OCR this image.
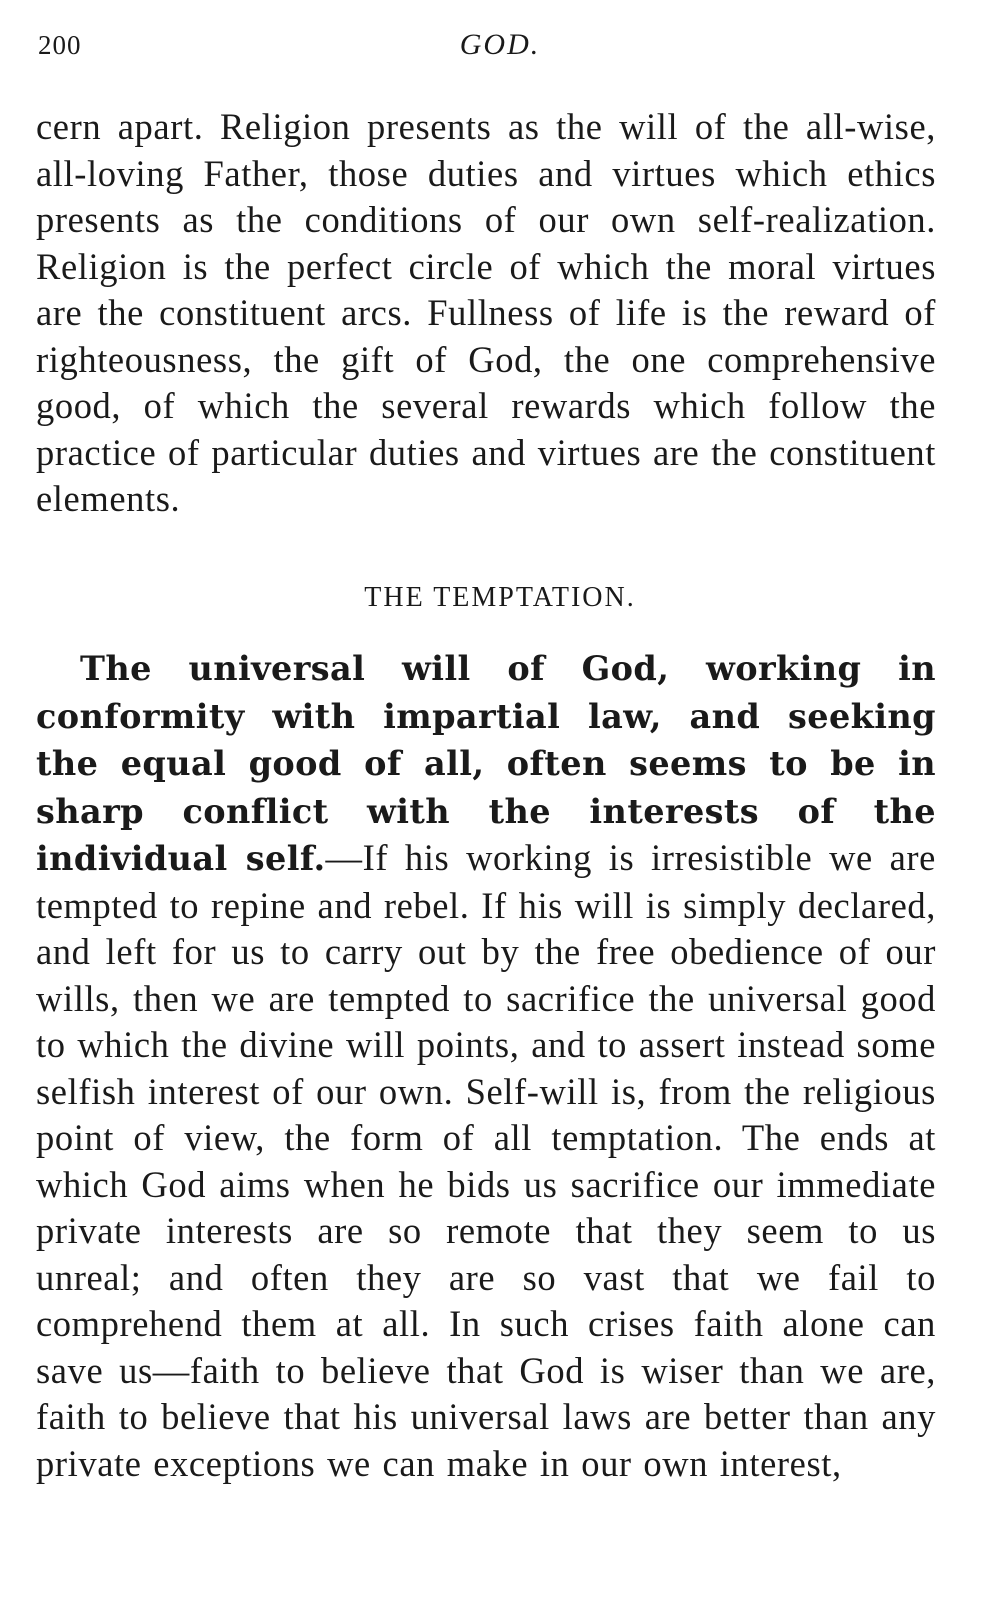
200	GOD.

cern apart. Religion presents as the will of the all-wise, all-loving Father, those duties and virtues which ethics presents as the conditions of our own self-realization. Religion is the perfect circle of which the moral virtues are the constituent arcs. Fullness of life is the reward of righteousness, the gift of God, the one comprehensive good, of which the several rewards which follow the practice of particular duties and virtues are the constituent elements.

THE TEMPTATION.

The universal will of God, working in conformity with impartial law, and seeking the equal good of all, often seems to be in sharp conflict with the interests of the individual self.—If his working is irresistible we are tempted to repine and rebel. If his will is simply declared, and left for us to carry out by the free obedience of our wills, then we are tempted to sacrifice the universal good to which the divine will points, and to assert instead some selfish interest of our own. Self-will is, from the religious point of view, the form of all temptation. The ends at which God aims when he bids us sacrifice our immediate private interests are so remote that they seem to us unreal; and often they are so vast that we fail to comprehend them at all. In such crises faith alone can save us—faith to believe that God is wiser than we are, faith to believe that his universal laws are better than any private exceptions we can make in our own interest,
